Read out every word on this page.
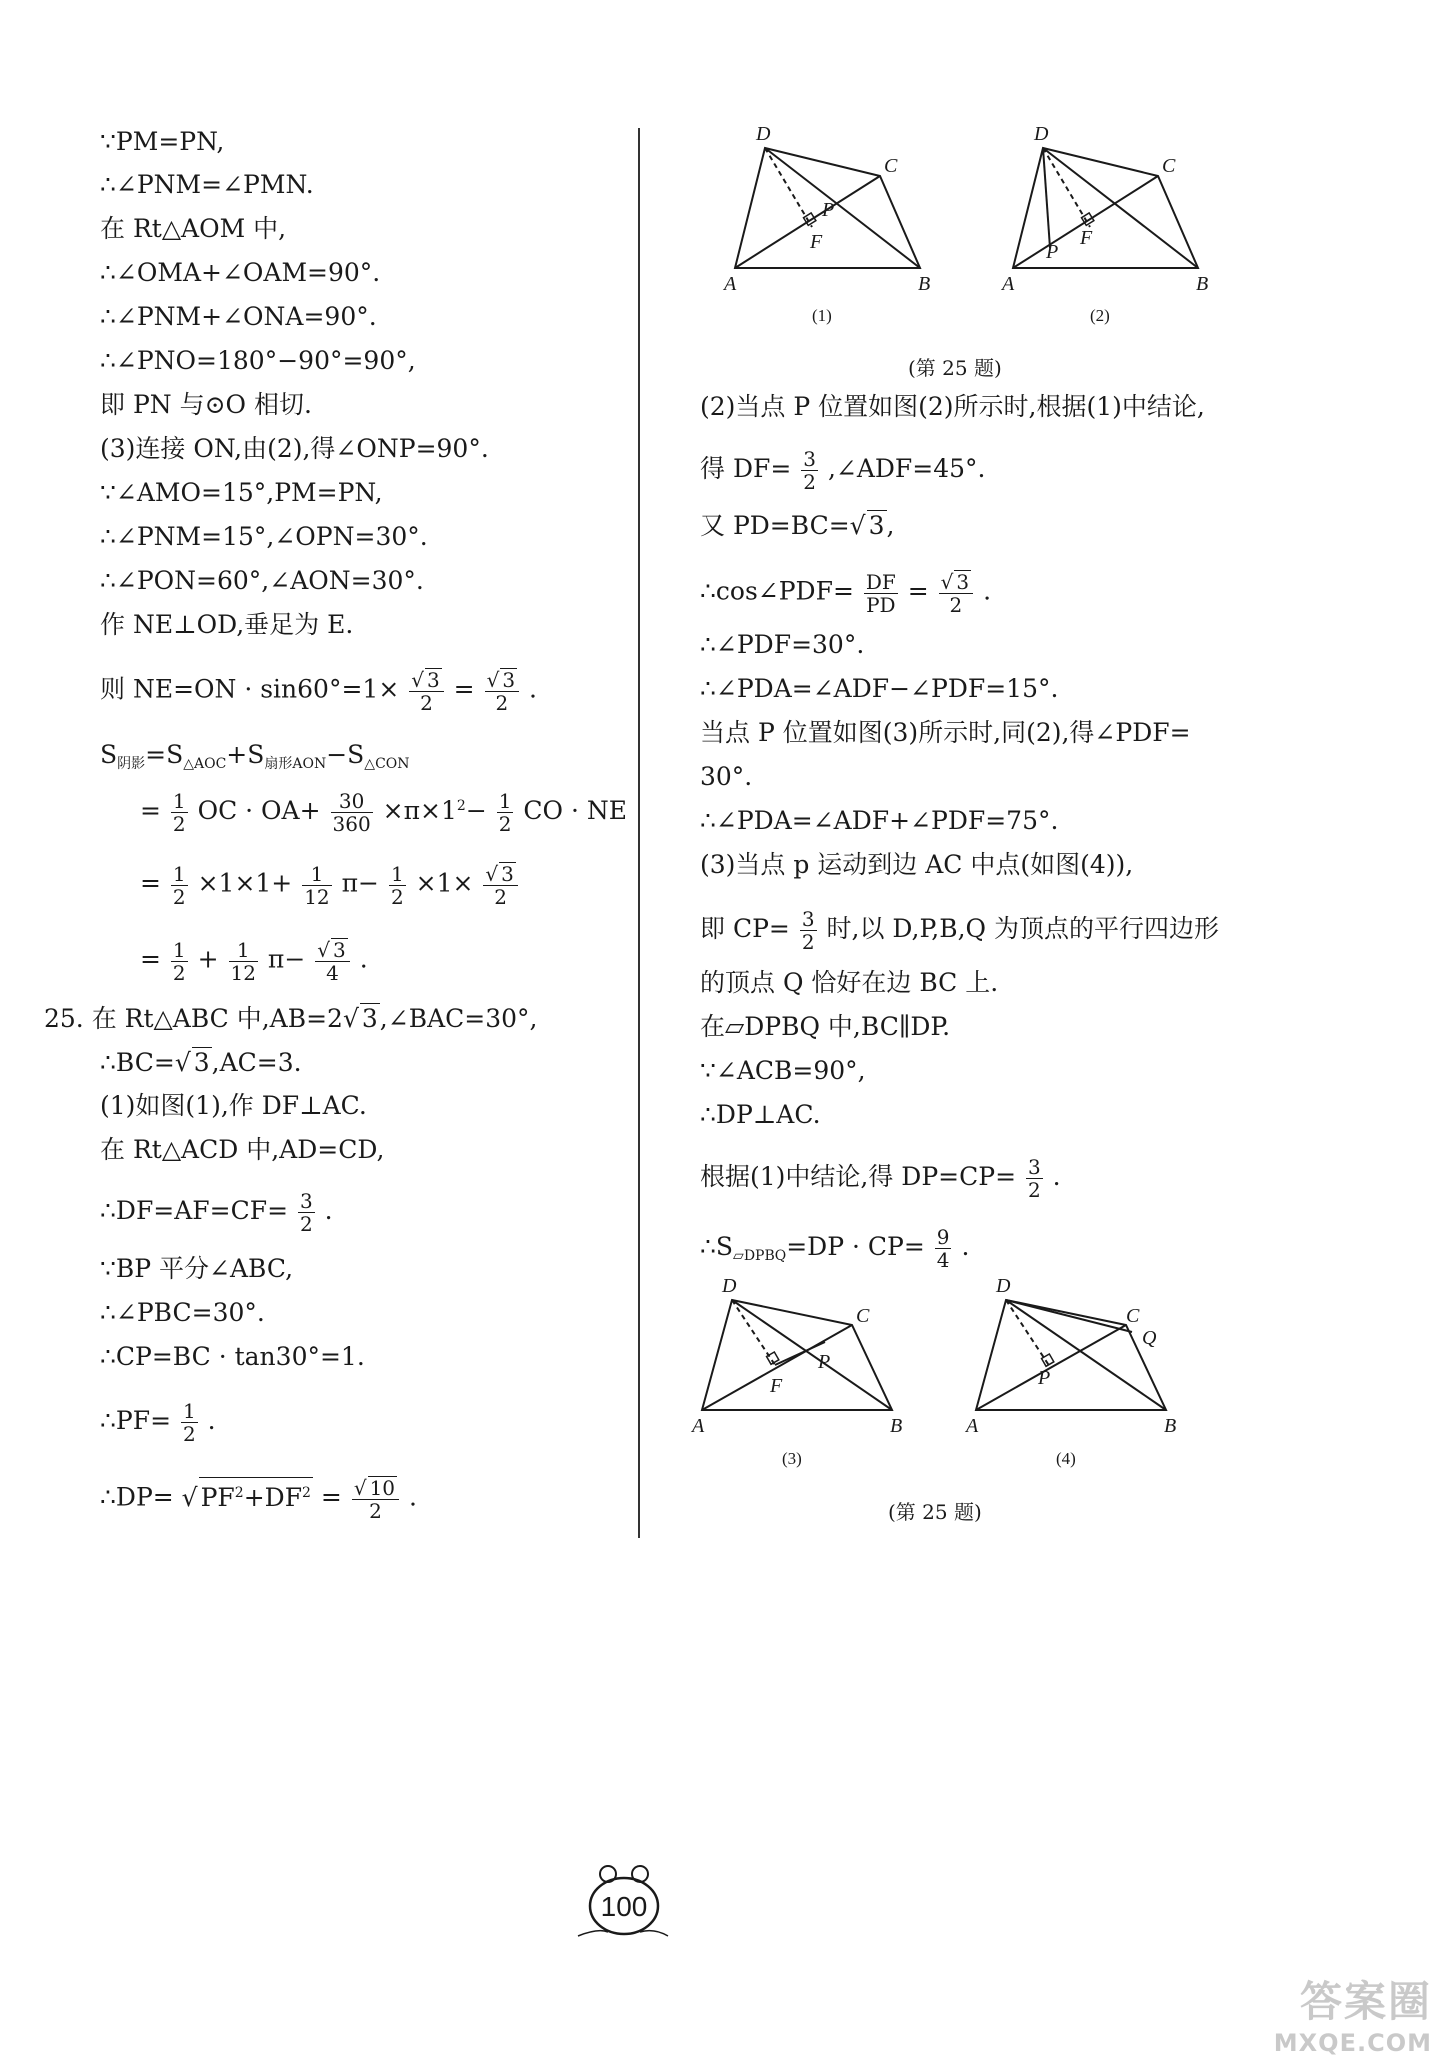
∵PM=PN,
∴∠PNM=∠PMN.
在 Rt△AOM 中,
∴∠OMA+∠OAM=90°.
∴∠PNM+∠ONA=90°.
∴∠PNO=180°−90°=90°,
即 PN 与⊙O 相切.
(3)连接 ON,由(2),得∠ONP=90°.
∵∠AMO=15°,PM=PN,
∴∠PNM=15°,∠OPN=30°.
∴∠PON=60°,∠AON=30°.
作 NE⊥OD,垂足为 E.
则 $NE=ON \cdot \sin 60^\circ=1\times \frac{√ 3}{2} = \frac{√ 3}{2}$ .
$S_{阴影}=S_{\triangle AOC}+S_{扇形AON}-S_{\triangle CON}$
= $\frac{1}{2}$ OC · $OA+ \frac{30}{360} \times\pi\times 1^2- \frac{1}{2}$ CO · NE
= $\frac{1}{2} \times 1\times 1+ \frac{1}{12} \pi- \frac{1}{2} \times 1\times \frac{√ 3}{2}$
= $\frac{1}{2} + \frac{1}{12} \pi- \frac{√ 3}{4}$ .
25. 在 Rt△ABC 中,AB=2√ 3,∠BAC=30°,
∴BC=√ 3,AC=3.
(1)如图(1),作 DF⊥AC.
在 Rt△ACD 中,AD=CD,
∴DF=AF=CF= $\frac{3}{2}$ .
∵BP 平分∠ABC,
∴∠PBC=30°.
∴CP=BC · tan30°=1.
∴PF= $\frac{1}{2}$ .
∴DP= √ $PF^2+DF^2 = \frac{√ 10}{2}$ .
D
C
A	B
P
F
D
C
A	B
P
F
(1)	(2)
(第 25 题)
(2)当点 P 位置如图(2)所示时,根据(1)中结论,
得 $DF= \frac{3}{2}$ ,∠ADF=45°.
又 PD=BC=√ 3,
∴cos∠PDF= $\frac{DF}{PD} = \frac{√ 3}{2}$ .
∴∠PDF=30°.
∴∠PDA=∠ADF−∠PDF=15°.
当点 P 位置如图(3)所示时,同(2),得∠PDF=
30°.
∴∠PDA=∠ADF+∠PDF=75°.
(3)当点 p 运动到边 AC 中点(如图(4)),
即 $CP= \frac{3}{2}$ 时,以 D,P,B,Q 为顶点的平行四边形
的顶点 Q 恰好在边 BC 上.
在▱DPBQ 中,BC∥DP.
∵∠ACB=90°,
∴DP⊥AC.
根据(1)中结论,得 $DP=CP= \frac{3}{2}$ .
$\therefore S_{▱DPBQ}=DP \cdot CP= \frac{9}{4}$ .
D
C
A	B
P
F
D
C
Q
A	B
P
(3)	(4)
(第 25 题)
100
答案圈
MXQE.COM
